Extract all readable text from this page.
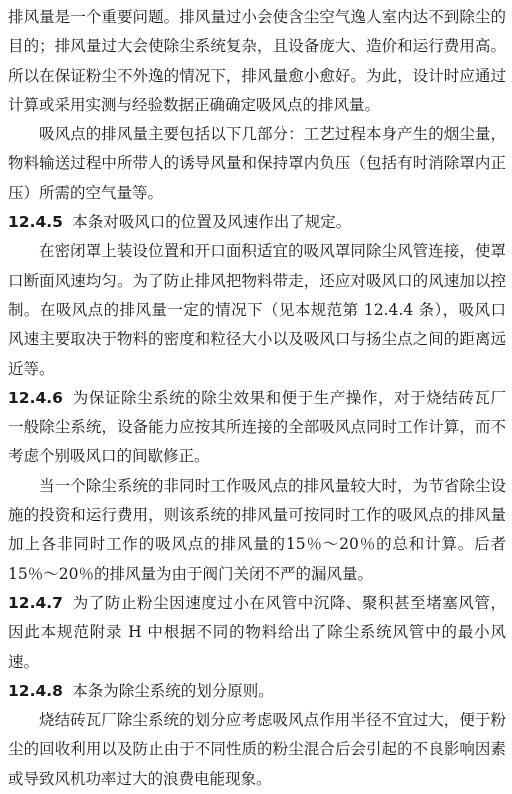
排风量是一个重要问题。排风量过小会使含尘空气逸人室内达不到除尘的目的；排风量过大会使除尘系统复杂，且设备庞大、造价和运行费用高。所以在保证粉尘不外逸的情况下，排风量愈小愈好。为此，设计时应通过计算或采用实测与经验数据正确确定吸风点的排风量。

吸风点的排风量主要包括以下几部分：工艺过程本身产生的烟尘量，物料输送过程中所带人的诱导风量和保持罩内负压（包括有时消除罩内正压）所需的空气量等。

12.4.5 本条对吸风口的位置及风速作出了规定。

在密闭罩上装设位置和开口面积适宜的吸风罩同除尘风管连接，使罩口断面风速均匀。为了防止排风把物料带走，还应对吸风口的风速加以控制。在吸风点的排风量一定的情况下（见本规范第 12.4.4 条），吸风口风速主要取决于物料的密度和粒径大小以及吸风口与扬尘点之间的距离远近等。

12.4.6 为保证除尘系统的除尘效果和便于生产操作，对于烧结砖瓦厂一般除尘系统，设备能力应按其所连接的全部吸风点同时工作计算，而不考虑个别吸风口的间歇修正。

当一个除尘系统的非同时工作吸风点的排风量较大时，为节省除尘设施的投资和运行费用，则该系统的排风量可按同时工作的吸风点的排风量加上各非同时工作的吸风点的排风量的15％～20％的总和计算。后者 15％～20％的排风量为由于阀门关闭不严的漏风量。

12.4.7 为了防止粉尘因速度过小在风管中沉降、聚积甚至堵塞风管，因此本规范附录 H 中根据不同的物料给出了除尘系统风管中的最小风速。

12.4.8 本条为除尘系统的划分原则。

烧结砖瓦厂除尘系统的划分应考虑吸风点作用半径不宜过大，便于粉尘的回收利用以及防止由于不同性质的粉尘混合后会引起的不良影响因素或导致风机功率过大的浪费电能现象。
